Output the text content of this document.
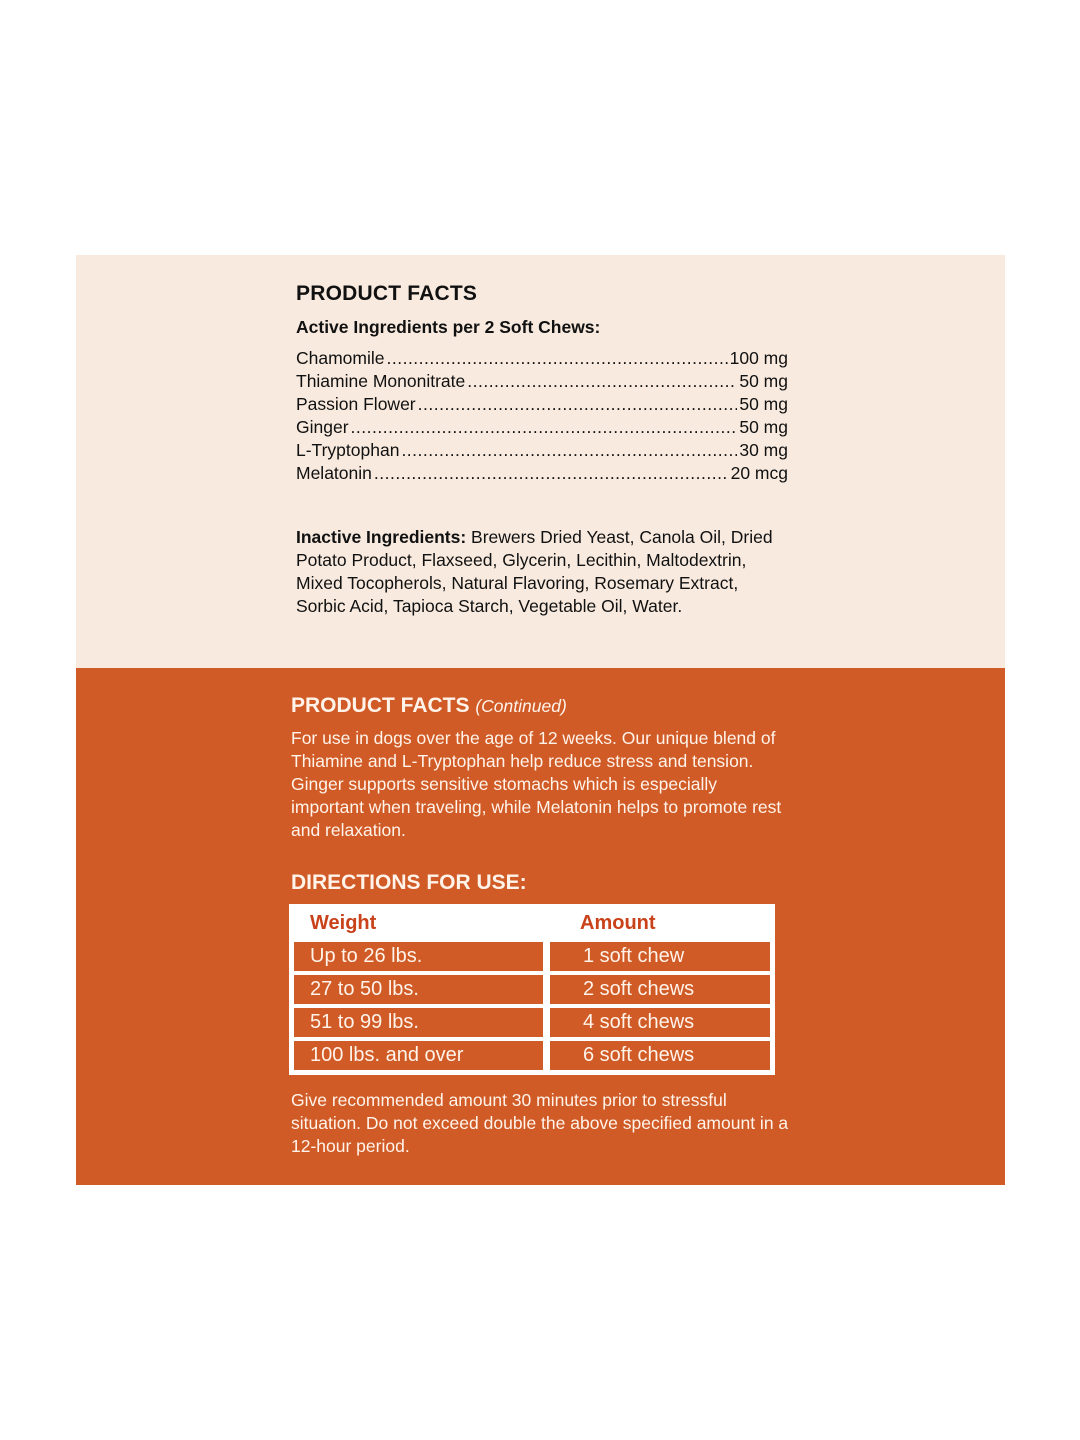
PRODUCT FACTS
Active Ingredients per 2 Soft Chews:
Chamomile .....	100 mg
Thiamine Mononitrate .....	50 mg
Passion Flower .....	50 mg
Ginger .....	50 mg
L-Tryptophan .....	30 mg
Melatonin .....	20 mcg

Inactive Ingredients: Brewers Dried Yeast, Canola Oil, Dried Potato Product, Flaxseed, Glycerin, Lecithin, Maltodextrin, Mixed Tocopherols, Natural Flavoring, Rosemary Extract, Sorbic Acid, Tapioca Starch, Vegetable Oil, Water.

PRODUCT FACTS (Continued)

For use in dogs over the age of 12 weeks. Our unique blend of Thiamine and L-Tryptophan help reduce stress and tension. Ginger supports sensitive stomachs which is especially important when traveling, while Melatonin helps to promote rest and relaxation.

DIRECTIONS FOR USE:
Weight	Amount
Up to 26 lbs.	1 soft chew
27 to 50 lbs.	2 soft chews
51 to 99 lbs.	4 soft chews
100 lbs. and over	6 soft chews

Give recommended amount 30 minutes prior to stressful situation. Do not exceed double the above specified amount in a 12-hour period.
